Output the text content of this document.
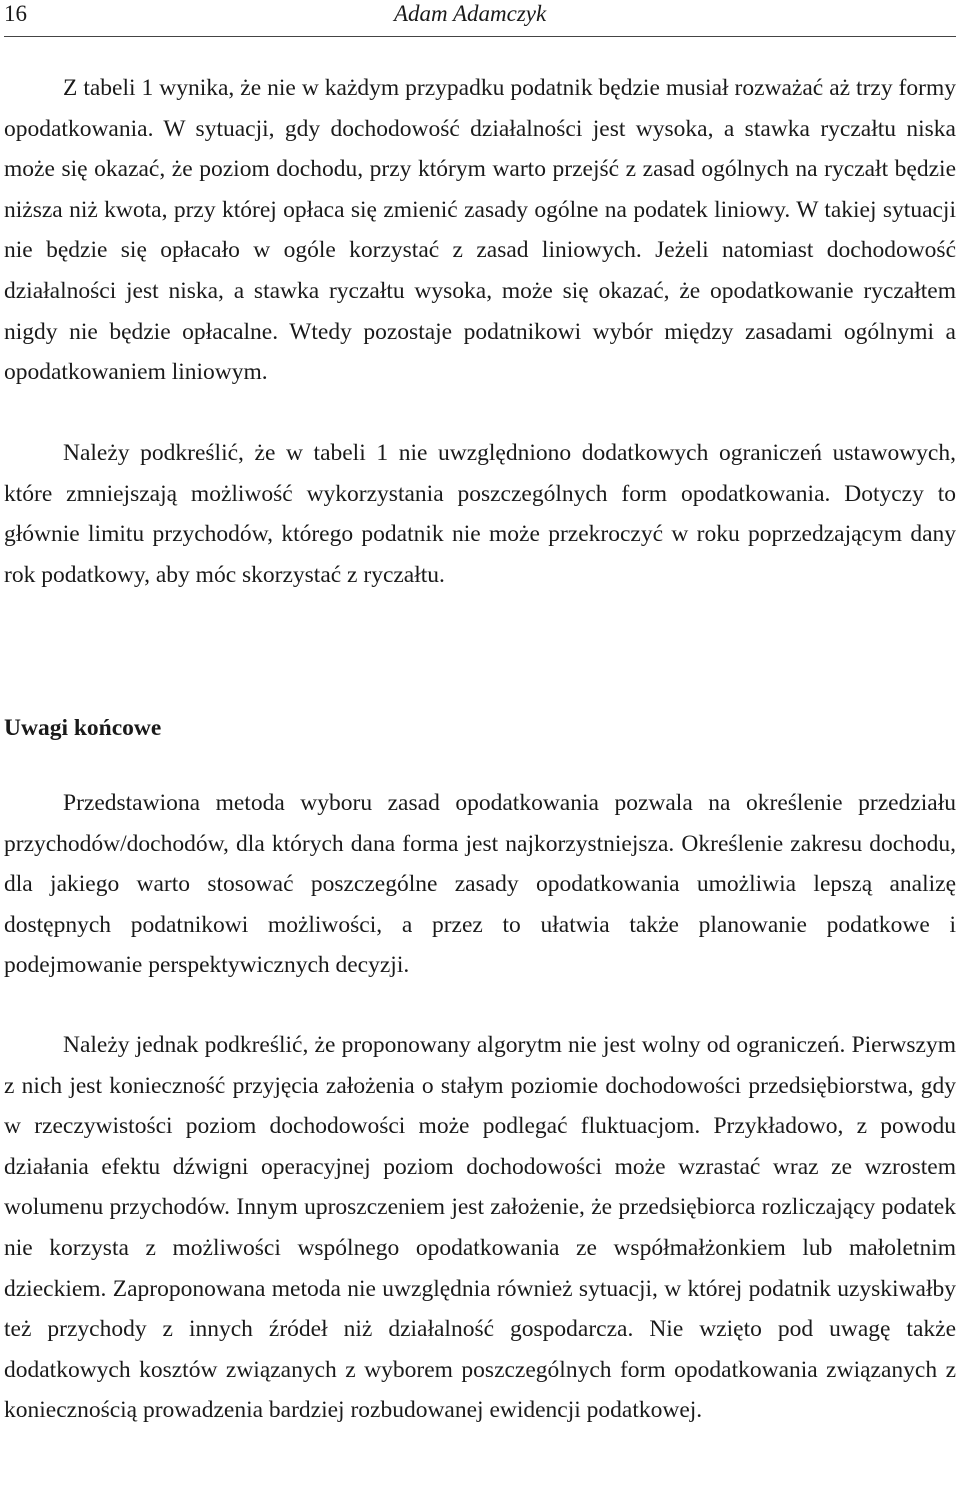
16	Adam Adamczyk

Z tabeli 1 wynika, że nie w każdym przypadku podatnik będzie musiał rozważać aż trzy formy opodatkowania. W sytuacji, gdy dochodowość działalności jest wysoka, a stawka ryczałtu niska może się okazać, że poziom dochodu, przy którym warto przejść z zasad ogólnych na ryczałt będzie niższa niż kwota, przy której opłaca się zmienić zasady ogólne na podatek liniowy. W takiej sytuacji nie będzie się opłacało w ogóle korzystać z zasad liniowych. Jeżeli natomiast dochodowość działalności jest niska, a stawka ryczałtu wysoka, może się okazać, że opodatkowanie ryczałtem nigdy nie będzie opłacalne. Wtedy pozostaje podatnikowi wybór między zasadami ogólnymi a opodatkowaniem liniowym.

Należy podkreślić, że w tabeli 1 nie uwzględniono dodatkowych ograniczeń ustawowych, które zmniejszają możliwość wykorzystania poszczególnych form opodatkowania. Dotyczy to głównie limitu przychodów, którego podatnik nie może przekroczyć w roku poprzedzającym dany rok podatkowy, aby móc skorzystać z ryczałtu.

Uwagi końcowe

Przedstawiona metoda wyboru zasad opodatkowania pozwala na określenie przedziału przychodów/dochodów, dla których dana forma jest najkorzystniejsza. Określenie zakresu dochodu, dla jakiego warto stosować poszczególne zasady opodatkowania umożliwia lepszą analizę dostępnych podatnikowi możliwości, a przez to ułatwia także planowanie podatkowe i podejmowanie perspektywicznych decyzji.

Należy jednak podkreślić, że proponowany algorytm nie jest wolny od ograniczeń. Pierwszym z nich jest konieczność przyjęcia założenia o stałym poziomie dochodowości przedsiębiorstwa, gdy w rzeczywistości poziom dochodowości może podlegać fluktuacjom. Przykładowo, z powodu działania efektu dźwigni operacyjnej poziom dochodowości może wzrastać wraz ze wzrostem wolumenu przychodów. Innym uproszczeniem jest założenie, że przedsiębiorca rozliczający podatek nie korzysta z możliwości wspólnego opodatkowania ze współmałżonkiem lub małoletnim dzieckiem. Zaproponowana metoda nie uwzględnia również sytuacji, w której podatnik uzyskiwałby też przychody z innych źródeł niż działalność gospodarcza. Nie wzięto pod uwagę także dodatkowych kosztów związanych z wyborem poszczególnych form opodatkowania związanych z koniecznością prowadzenia bardziej rozbudowanej ewidencji podatkowej.
